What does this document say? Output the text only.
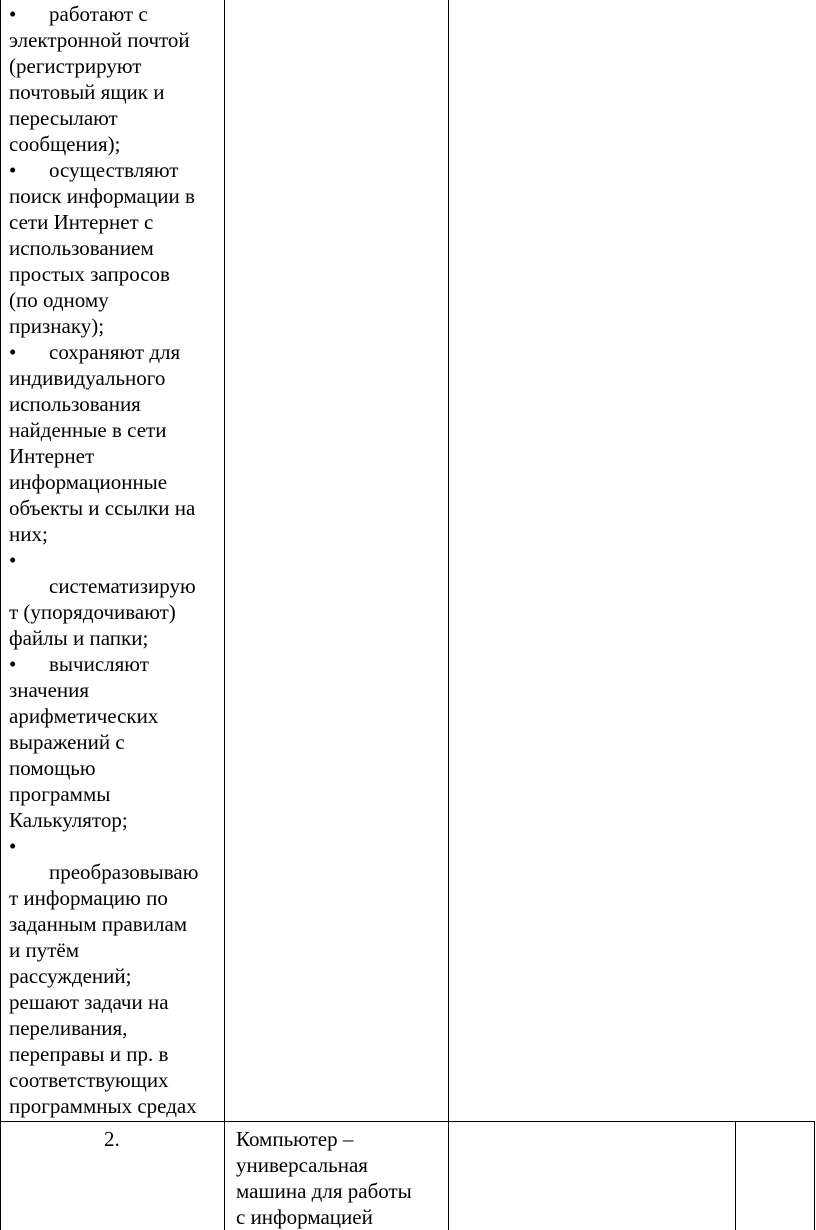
• работают с
электронной почтой
(регистрируют
почтовый ящик и
пересылают
сообщения);
• осуществляют
поиск информации в
сети Интернет с
использованием
простых запросов
(по одному
признаку);
• сохраняют для
индивидуального
использования
найденные в сети
Интернет
информационные
объекты и ссылки на
них;
•
систематизирую
т (упорядочивают)
файлы и папки;
• вычисляют
значения
арифметических
выражений с
помощью
программы
Калькулятор;
•
преобразовываю
т информацию по
заданным правилам
и путём
рассуждений;
решают задачи на
переливания,
переправы и пр. в
соответствующих
программных средах
2.	Компьютер –
универсальная
машина для работы
с информацией
